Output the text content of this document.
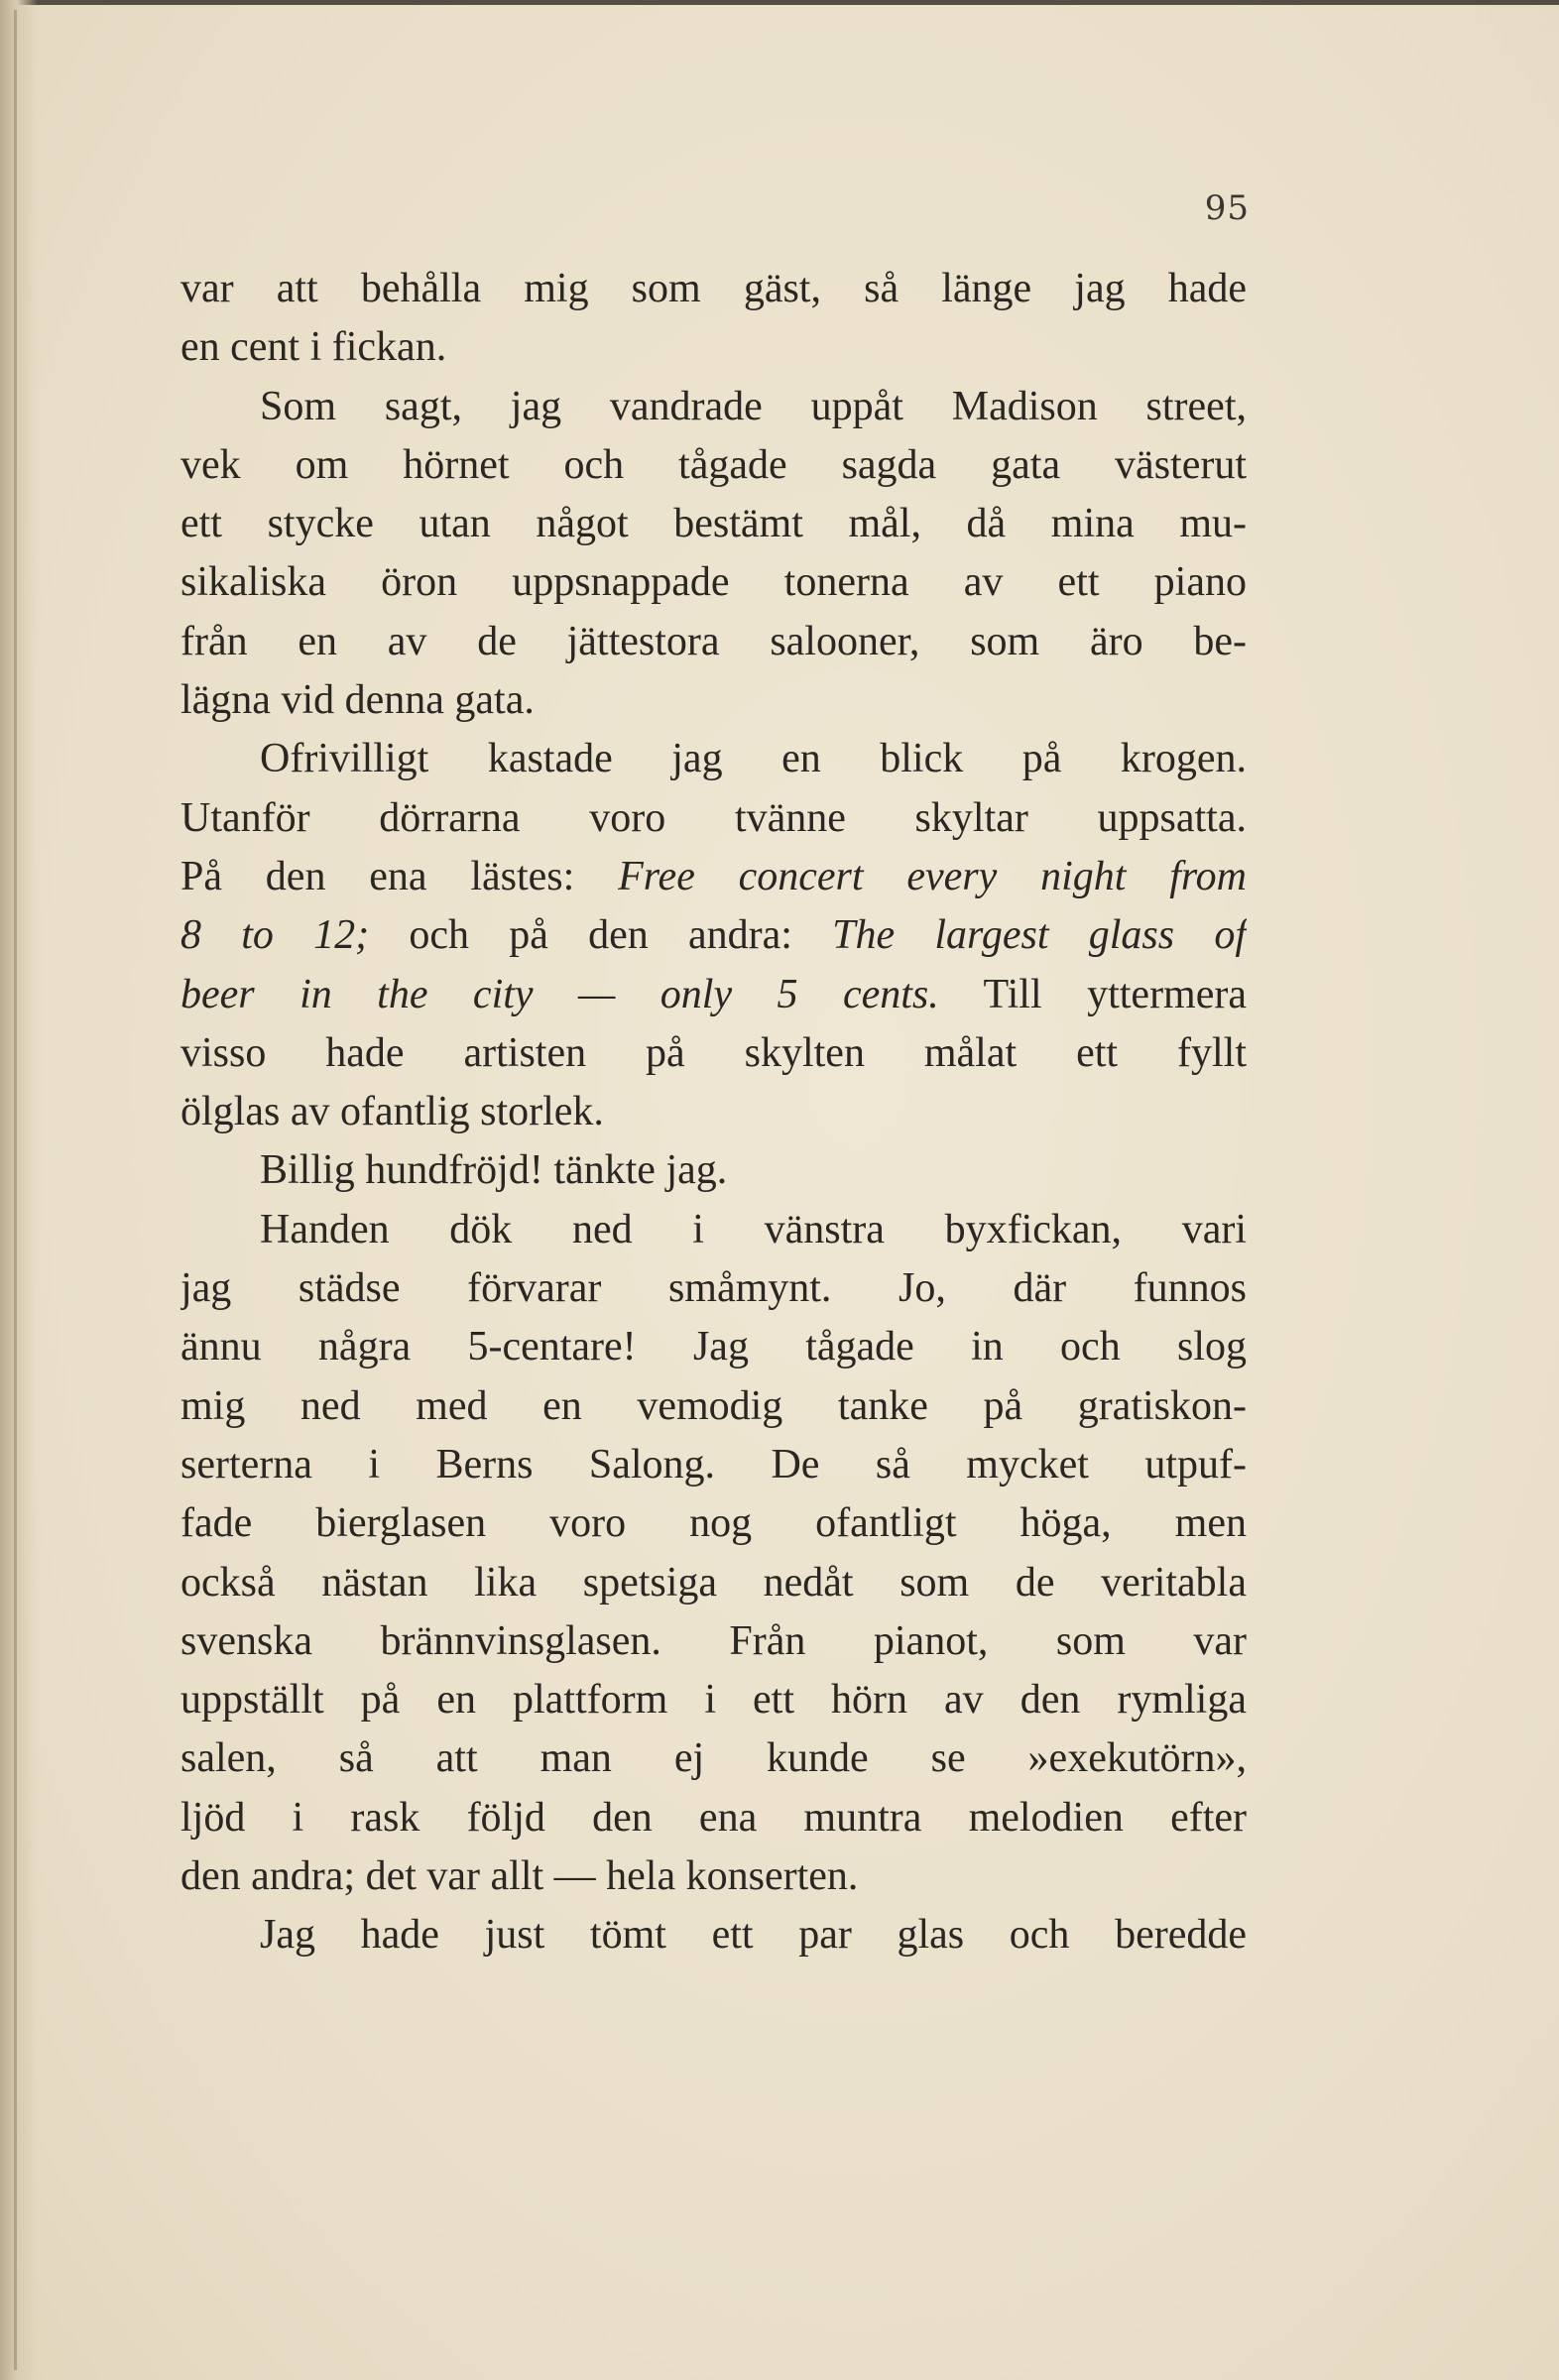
95
var att behålla mig som gäst, så länge jag hade
en cent i fickan.
Som sagt, jag vandrade uppåt Madison street,
vek om hörnet och tågade sagda gata västerut
ett stycke utan något bestämt mål, då mina mu-
sikaliska öron uppsnappade tonerna av ett piano
från en av de jättestora salooner, som äro be-
lägna vid denna gata.
Ofrivilligt kastade jag en blick på krogen.
Utanför dörrarna voro tvänne skyltar uppsatta.
På den ena lästes: Free concert every night from
8 to 12; och på den andra: The largest glass of
beer in the city — only 5 cents. Till yttermera
visso hade artisten på skylten målat ett fyllt
ölglas av ofantlig storlek.
Billig hundfröjd! tänkte jag.
Handen dök ned i vänstra byxfickan, vari
jag städse förvarar småmynt. Jo, där funnos
ännu några 5-centare! Jag tågade in och slog
mig ned med en vemodig tanke på gratiskon-
serterna i Berns Salong. De så mycket utpuf-
fade bierglasen voro nog ofantligt höga, men
också nästan lika spetsiga nedåt som de veritabla
svenska brännvinsglasen. Från pianot, som var
uppställt på en plattform i ett hörn av den rymliga
salen, så att man ej kunde se »exekutörn»,
ljöd i rask följd den ena muntra melodien efter
den andra; det var allt — hela konserten.
Jag hade just tömt ett par glas och beredde
